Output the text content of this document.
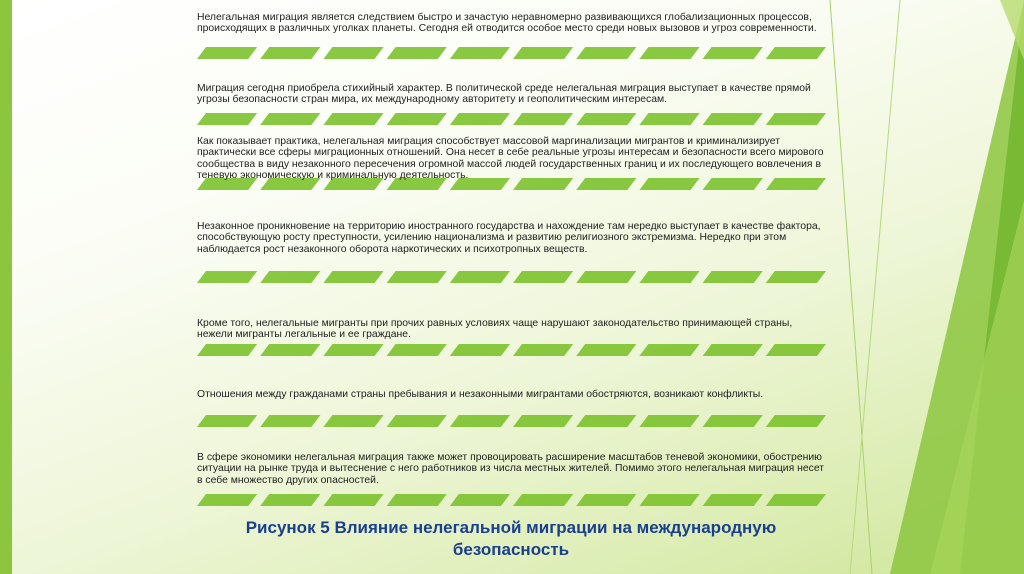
Нелегальная миграция является следствием быстро и зачастую неравномерно развивающихся глобализационных процессов, происходящих в различных уголках планеты. Сегодня ей отводится особое место среди новых вызовов и угроз современности.

Миграция сегодня приобрела стихийный характер. В политической среде нелегальная миграция выступает в качестве прямой угрозы безопасности стран мира, их международному авторитету и геополитическим интересам.

Как показывает практика, нелегальная миграция способствует массовой маргинализации мигрантов и криминализирует практически все сферы миграционных отношений. Она несет в себе реальные угрозы интересам и безопасности всего мирового сообщества в виду незаконного пересечения огромной массой людей государственных границ и их последующего вовлечения в теневую экономическую и криминальную деятельность.

Незаконное проникновение на территорию иностранного государства и нахождение там нередко выступает в качестве фактора, способствующую росту преступности, усилению национализма и развитию религиозного экстремизма. Нередко при этом наблюдается рост незаконного оборота наркотических и психотропных веществ.

Кроме того, нелегальные мигранты при прочих равных условиях чаще нарушают законодательство принимающей страны, нежели мигранты легальные и ее граждане.

Отношения между гражданами страны пребывания и незаконными мигрантами обостряются, возникают конфликты.

В сфере экономики нелегальная миграция также может провоцировать расширение масштабов теневой экономики, обострению ситуации на рынке труда и вытеснение с него работников из числа местных жителей. Помимо этого нелегальная миграция несет в себе множество других опасностей.

Рисунок 5 Влияние нелегальной миграции на международную безопасность
